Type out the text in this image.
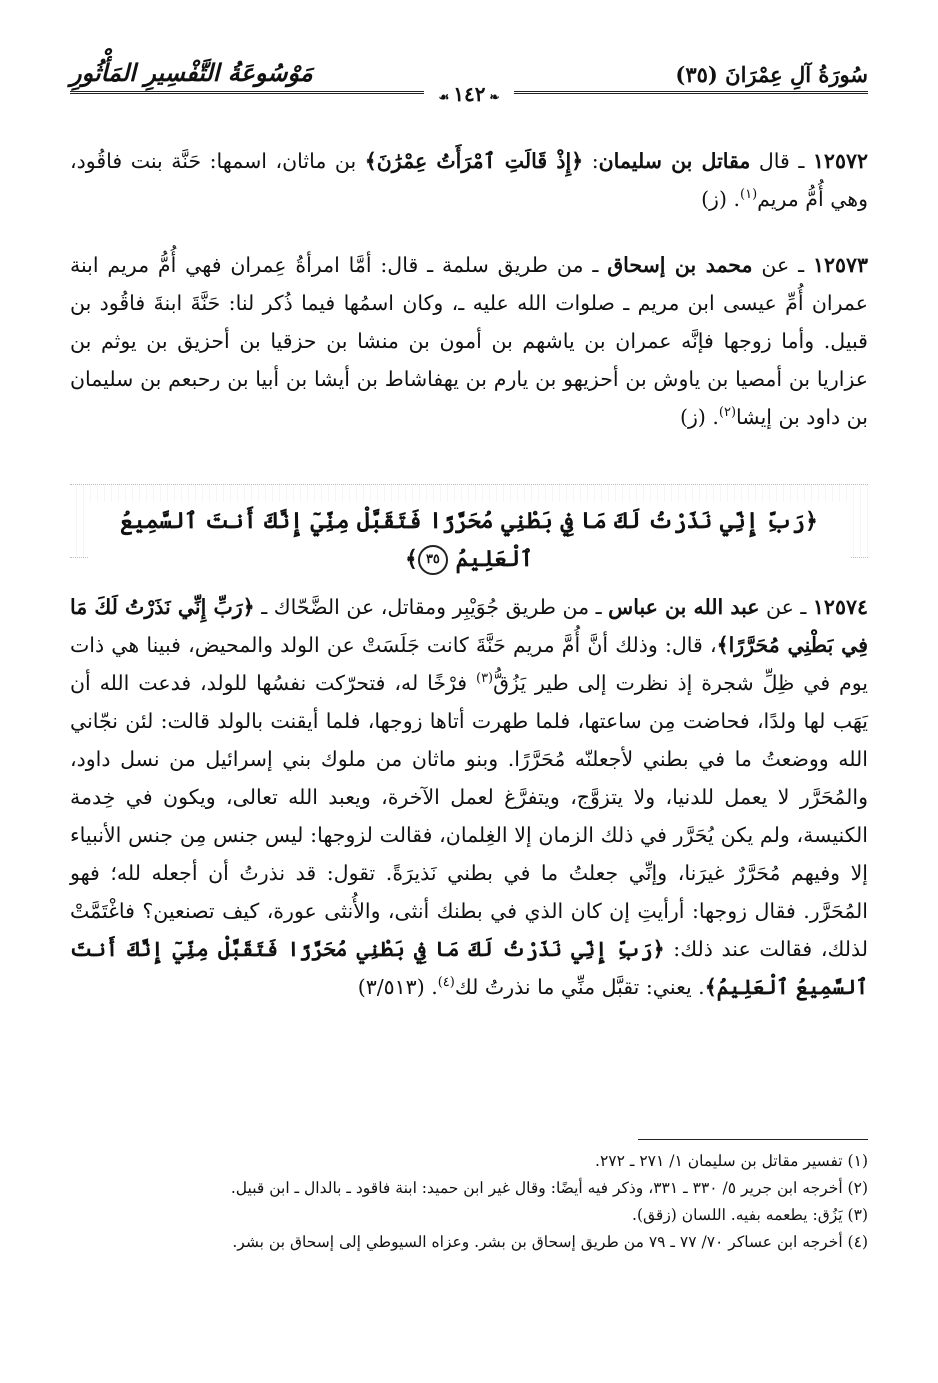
سُورَةُ آلِ عِمْرَانَ (٣٥)
❧١٤٢☙
مَوْسُوعَةُ التَّفْسِيرِ المَأْثُورِ
١٢٥٧٢ ـ قال مقاتل بن سليمان: ﴿إِذْ قَالَتِ ٱمْرَأَتُ عِمْرَٰنَ﴾ بن ماثان، اسمها: حَنَّة بنت فاقُود، وهي أُمُّ مريم$^{(١)}$. (ز)
١٢٥٧٣ ـ عن محمد بن إسحاق ـ من طريق سلمة ـ قال: أمَّا امرأةُ عِمران فهي أُمُّ مريم ابنة عمران أُمِّ عيسى ابن مريم ـ صلوات الله عليه ـ، وكان اسمُها فيما ذُكر لنا: حَنَّةَ ابنةَ فاقُود بن قبيل. وأما زوجها فإنَّه عمران بن ياشهم بن أمون بن منشا بن حزقيا بن أحزيق بن يوثم بن عزاريا بن أمصيا بن ياوش بن أحزيهو بن يارم بن يهفاشاط بن أيشا بن أبيا بن رحبعم بن سليمان بن داود بن إيشا$^{(٢)}$. (ز)
﴿رَبِّ إِنِّي نَذَرْتُ لَكَ مَا فِي بَطْنِي مُحَرَّرًا فَتَقَبَّلْ مِنِّيٓ إِنَّكَ أَنتَ ٱلسَّمِيعُ ٱلْعَلِيمُ ٣٥﴾
١٢٥٧٤ ـ عن عبد الله بن عباس ـ من طريق جُوَيْبِر ومقاتل، عن الضَّحّاك ـ ﴿رَبِّ إِنِّي نَذَرْتُ لَكَ مَا فِي بَطْنِي مُحَرَّرًا﴾، قال: وذلك أنَّ أُمَّ مريم حَنَّةَ كانت جَلَسَتْ عن الولد والمحيض، فبينا هي ذات يوم في ظِلِّ شجرة إذ نظرت إلى طير يَزُقُّ$^{(٣)}$ فرْخًا له، فتحرّكت نفسُها للولد، فدعت الله أن يَهَب لها ولدًا، فحاضت مِن ساعتها، فلما طهرت أتاها زوجها، فلما أيقنت بالولد قالت: لئن نجّاني الله ووضعتُ ما في بطني لأجعلنّه مُحَرَّرًا. وبنو ماثان من ملوك بني إسرائيل من نسل داود، والمُحَرَّر لا يعمل للدنيا، ولا يتزوَّج، ويتفرَّغ لعمل الآخرة، ويعبد الله تعالى، ويكون في خِدمة الكنيسة، ولم يكن يُحَرَّر في ذلك الزمان إلا الغِلمان، فقالت لزوجها: ليس جنس مِن جنس الأنبياء إلا وفيهم مُحَرَّرٌ غيرَنا، وإنِّي جعلتُ ما في بطني نَذيرَةً. تقول: قد نذرتُ أن أجعله لله؛ فهو المُحَرَّر. فقال زوجها: أرأيتِ إن كان الذي في بطنك أنثى، والأُنثى عورة، كيف تصنعين؟ فاغْتَمَّتْ لذلك، فقالت عند ذلك: ﴿رَبِّ إِنِّي نَذَرْتُ لَكَ مَا فِي بَطْنِي مُحَرَّرًا فَتَقَبَّلْ مِنِّيٓ إِنَّكَ أَنتَ ٱلسَّمِيعُ ٱلْعَلِيمُ﴾. يعني: تقبَّل منِّي ما نذرتُ لك$^{(٤)}$. (٣/٥١٣)

(١) تفسير مقاتل بن سليمان ١/ ٢٧١ ـ ٢٧٢.

(٢) أخرجه ابن جرير ٥/ ٣٣٠ ـ ٣٣١، وذكر فيه أيضًا: وقال غير ابن حميد: ابنة فاقود ـ بالدال ـ ابن قبيل.

(٣) يَزُق: يطعمه بفيه. اللسان (زقق).

(٤) أخرجه ابن عساكر ٧٠/ ٧٧ ـ ٧٩ من طريق إسحاق بن بشر. وعزاه السيوطي إلى إسحاق بن بشر.
